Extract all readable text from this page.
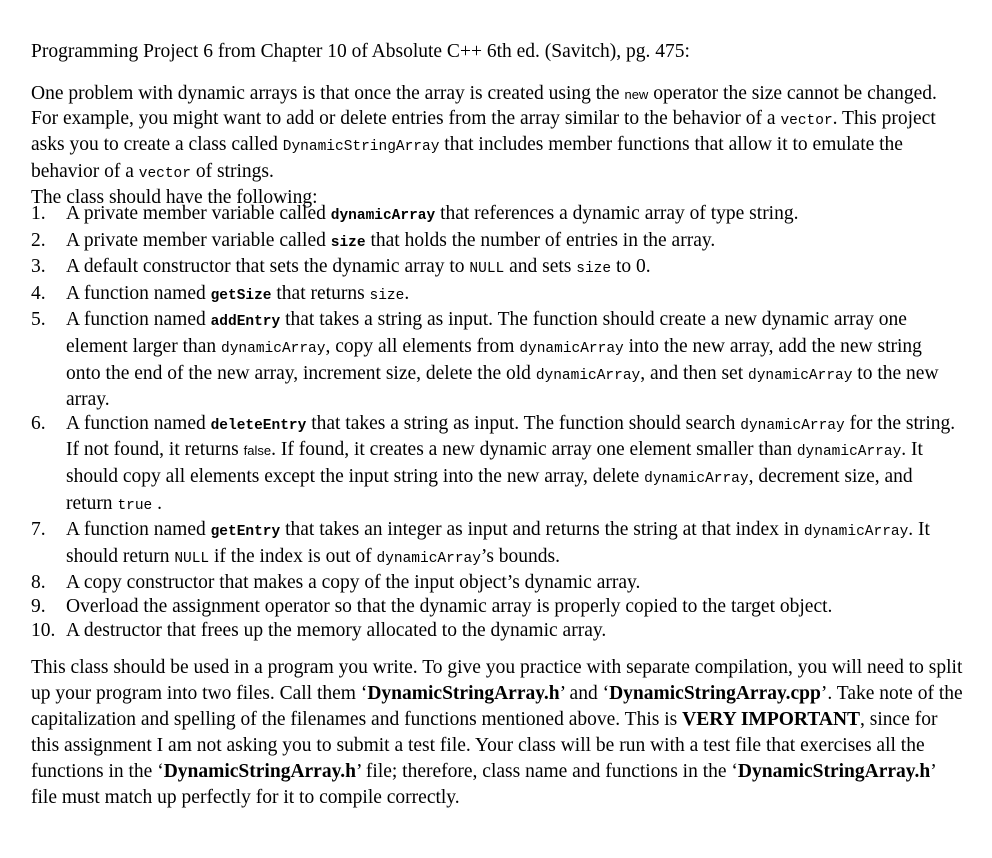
Programming Project 6 from Chapter 10 of Absolute C++ 6th ed. (Savitch), pg. 475:
One problem with dynamic arrays is that once the array is created using the new operator the size cannot be changed. For example, you might want to add or delete entries from the array similar to the behavior of a vector. This project asks you to create a class called DynamicStringArray that includes member functions that allow it to emulate the behavior of a vector of strings.
The class should have the following:
1.	A private member variable called dynamicArray that references a dynamic array of type string.
2.	A private member variable called size that holds the number of entries in the array.
3.	A default constructor that sets the dynamic array to NULL and sets size to 0.
4.	A function named getSize that returns size.
5.	A function named addEntry that takes a string as input. The function should create a new dynamic array one element larger than dynamicArray, copy all elements from dynamicArray into the new array, add the new string onto the end of the new array, increment size, delete the old dynamicArray, and then set dynamicArray to the new array.
6.	A function named deleteEntry that takes a string as input. The function should search dynamicArray for the string. If not found, it returns false. If found, it creates a new dynamic array one element smaller than dynamicArray. It should copy all elements except the input string into the new array, delete dynamicArray, decrement size, and return true .
7.	A function named getEntry that takes an integer as input and returns the string at that index in dynamicArray. It should return NULL if the index is out of dynamicArray’s bounds.
8.	A copy constructor that makes a copy of the input object’s dynamic array.
9.	Overload the assignment operator so that the dynamic array is properly copied to the target object.
10. A destructor that frees up the memory allocated to the dynamic array.
This class should be used in a program you write. To give you practice with separate compilation, you will need to split up your program into two files. Call them ‘DynamicStringArray.h’ and ‘DynamicStringArray.cpp’. Take note of the capitalization and spelling of the filenames and functions mentioned above. This is VERY IMPORTANT, since for this assignment I am not asking you to submit a test file. Your class will be run with a test file that exercises all the functions in the ‘DynamicStringArray.h’ file; therefore, class name and functions in the ‘DynamicStringArray.h’ file must match up perfectly for it to compile correctly.
